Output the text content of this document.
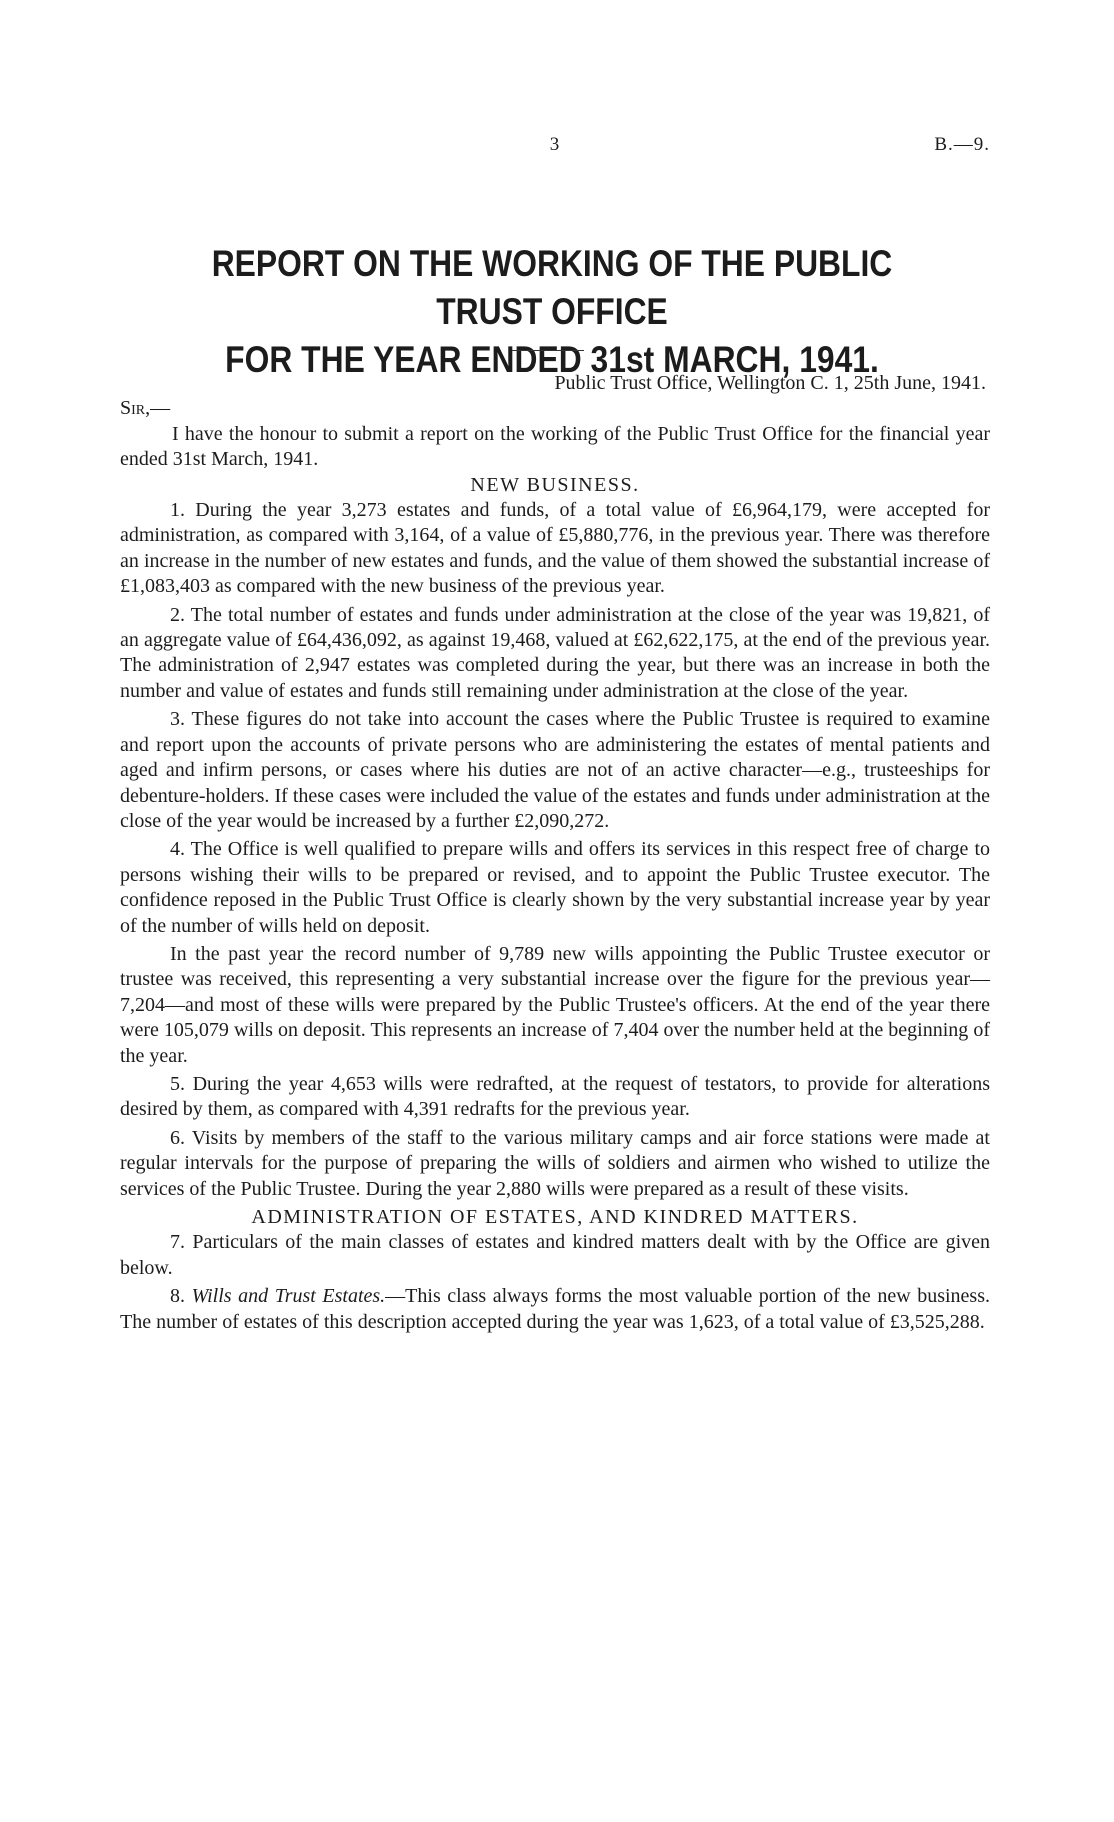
3	B.—9.
REPORT ON THE WORKING OF THE PUBLIC TRUST OFFICE
FOR THE YEAR ENDED 31st MARCH, 1941.

Public Trust Office, Wellington C. 1, 25th June, 1941.

Sir,—

I have the honour to submit a report on the working of the Public Trust Office for the financial year ended 31st March, 1941.

NEW BUSINESS.

1. During the year 3,273 estates and funds, of a total value of £6,964,179, were accepted for administration, as compared with 3,164, of a value of £5,880,776, in the previous year. There was therefore an increase in the number of new estates and funds, and the value of them showed the substantial increase of £1,083,403 as compared with the new business of the previous year.

2. The total number of estates and funds under administration at the close of the year was 19,821, of an aggregate value of £64,436,092, as against 19,468, valued at £62,622,175, at the end of the previous year. The administration of 2,947 estates was completed during the year, but there was an increase in both the number and value of estates and funds still remaining under administration at the close of the year.

3. These figures do not take into account the cases where the Public Trustee is required to examine and report upon the accounts of private persons who are administering the estates of mental patients and aged and infirm persons, or cases where his duties are not of an active character—e.g., trusteeships for debenture-holders. If these cases were included the value of the estates and funds under administration at the close of the year would be increased by a further £2,090,272.

4. The Office is well qualified to prepare wills and offers its services in this respect free of charge to persons wishing their wills to be prepared or revised, and to appoint the Public Trustee executor. The confidence reposed in the Public Trust Office is clearly shown by the very substantial increase year by year of the number of wills held on deposit.

In the past year the record number of 9,789 new wills appointing the Public Trustee executor or trustee was received, this representing a very substantial increase over the figure for the previous year—7,204—and most of these wills were prepared by the Public Trustee's officers. At the end of the year there were 105,079 wills on deposit. This represents an increase of 7,404 over the number held at the beginning of the year.

5. During the year 4,653 wills were redrafted, at the request of testators, to provide for alterations desired by them, as compared with 4,391 redrafts for the previous year.

6. Visits by members of the staff to the various military camps and air force stations were made at regular intervals for the purpose of preparing the wills of soldiers and airmen who wished to utilize the services of the Public Trustee. During the year 2,880 wills were prepared as a result of these visits.

ADMINISTRATION OF ESTATES, AND KINDRED MATTERS.

7. Particulars of the main classes of estates and kindred matters dealt with by the Office are given below.

8. Wills and Trust Estates.—This class always forms the most valuable portion of the new business. The number of estates of this description accepted during the year was 1,623, of a total value of £3,525,288.
